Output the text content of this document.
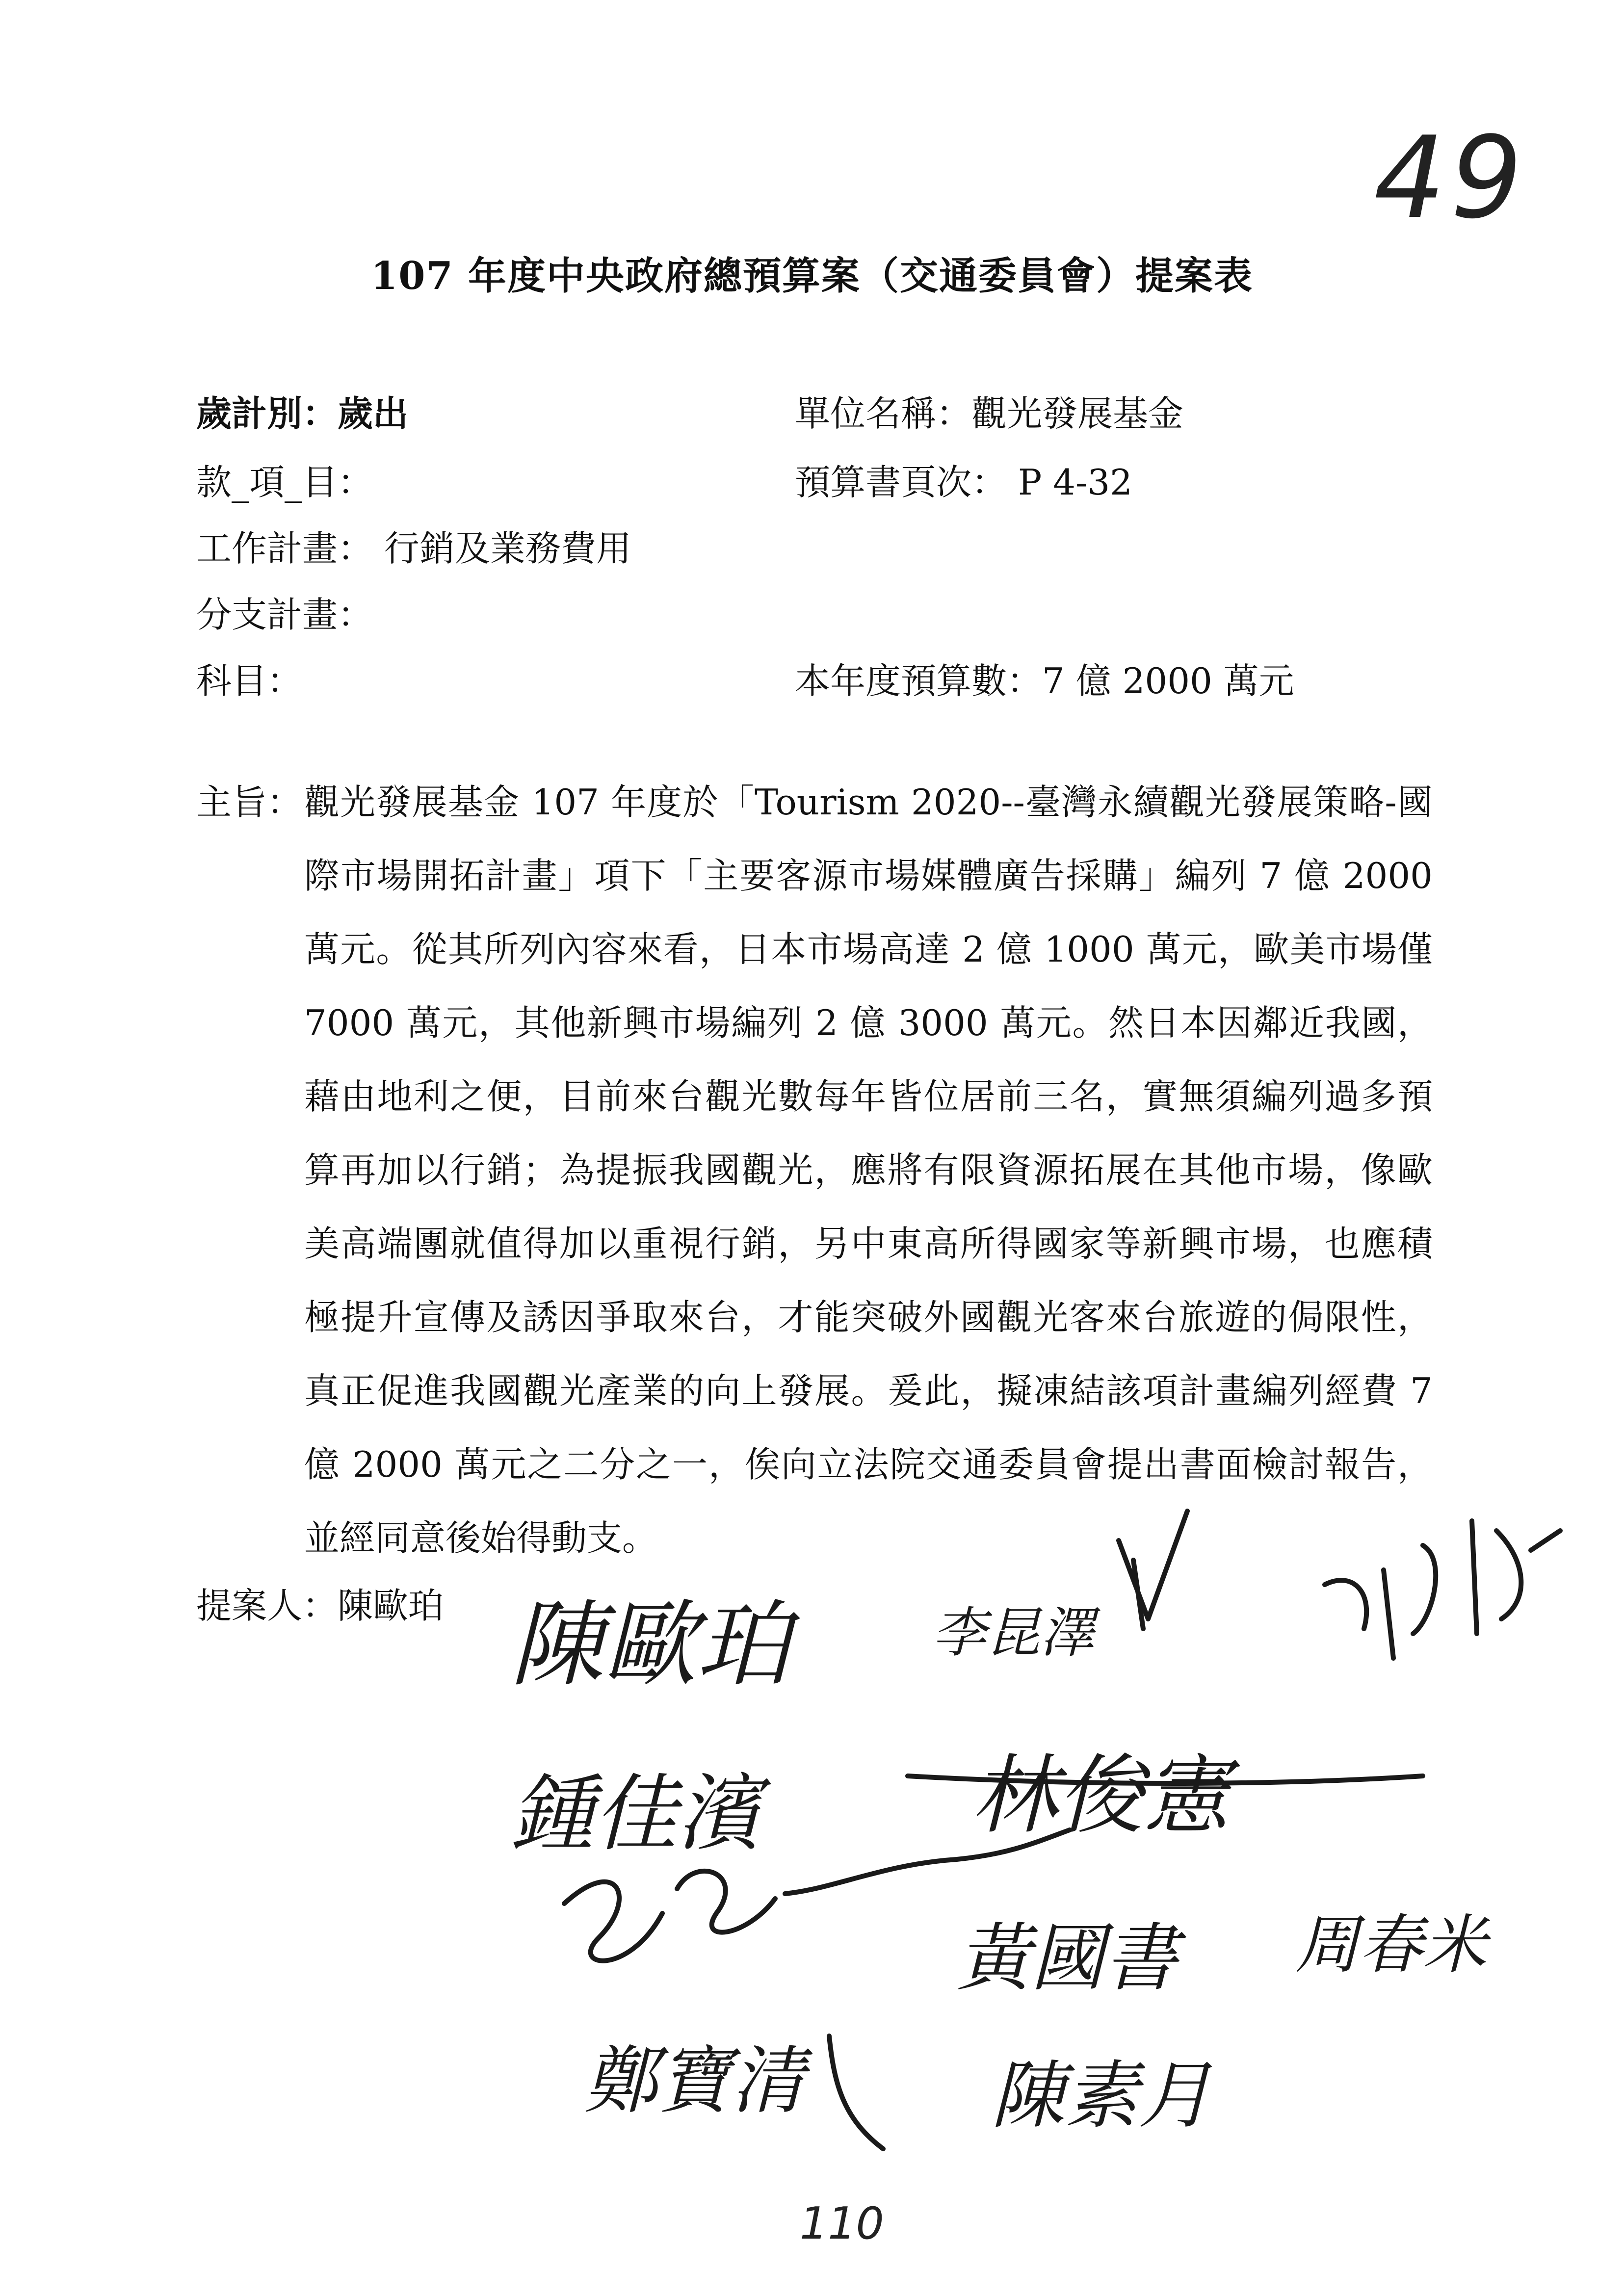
49
107 年度中央政府總預算案（交通委員會）提案表
歲計別：歲出
款_項_目：
工作計畫： 行銷及業務費用
分支計畫：
科目：
單位名稱：觀光發展基金
預算書頁次： P 4-32
本年度預算數：7 億 2000 萬元
主旨： 觀光發展基金 107 年度於「Tourism 2020--臺灣永續觀光發展策略-國際市場開拓計畫」項下「主要客源市場媒體廣告採購」編列 7 億 2000 萬元。從其所列內容來看，日本市場高達 2 億 1000 萬元，歐美市場僅 7000 萬元，其他新興市場編列 2 億 3000 萬元。然日本因鄰近我國，藉由地利之便，目前來台觀光數每年皆位居前三名，實無須編列過多預算再加以行銷；為提振我國觀光，應將有限資源拓展在其他市場，像歐美高端團就值得加以重視行銷，另中東高所得國家等新興市場，也應積極提升宣傳及誘因爭取來台，才能突破外國觀光客來台旅遊的侷限性，真正促進我國觀光產業的向上發展。爰此，擬凍結該項計畫編列經費 7 億 2000 萬元之二分之一，俟向立法院交通委員會提出書面檢討報告，並經同意後始得動支。
提案人：陳歐珀 陳歐珀	李昆澤
鍾佳濱 林俊憲
黃國書 周春米
鄭寶清	陳素月
110
